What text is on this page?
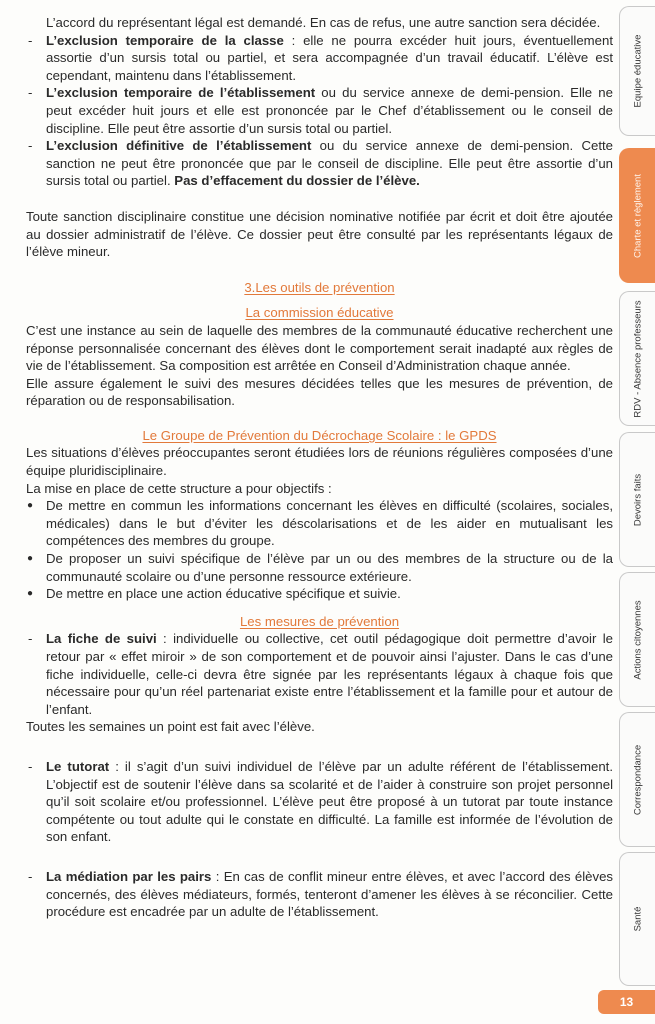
L’accord du représentant légal est demandé. En cas de refus, une autre sanction sera décidée.

- L’exclusion temporaire de la classe : elle ne pourra excéder huit jours, éventuellement assortie d’un sursis total ou partiel, et sera accompagnée d’un travail éducatif. L’élève est cependant, maintenu dans l’établissement.
- L’exclusion temporaire de l’établissement ou du service annexe de demi-pension. Elle ne peut excéder huit jours et elle est prononcée par le Chef d’établissement ou le conseil de discipline. Elle peut être assortie d’un sursis total ou partiel.
- L’exclusion définitive de l’établissement ou du service annexe de demi-pension. Cette sanction ne peut être prononcée que par le conseil de discipline. Elle peut être assortie d’un sursis total ou partiel. Pas d’effacement du dossier de l’élève.

Toute sanction disciplinaire constitue une décision nominative notifiée par écrit et doit être ajoutée au dossier administratif de l’élève. Ce dossier peut être consulté par les représentants légaux de l’élève mineur.

3.Les outils de prévention

La commission éducative

C’est une instance au sein de laquelle des membres de la communauté éducative recherchent une réponse personnalisée concernant des élèves dont le comportement serait inadapté aux règles de vie de l’établissement. Sa composition est arrêtée en Conseil d’Administration chaque année.

Elle assure également le suivi des mesures décidées telles que les mesures de prévention, de réparation ou de responsabilisation.

Le Groupe de Prévention du Décrochage Scolaire : le GPDS

Les situations d’élèves préoccupantes seront étudiées lors de réunions régulières composées d’une équipe pluridisciplinaire.

La mise en place de cette structure a pour objectifs :

● De mettre en commun les informations concernant les élèves en difficulté (scolaires, sociales, médicales) dans le but d’éviter les déscolarisations et de les aider en mutualisant les compétences des membres du groupe.
● De proposer un suivi spécifique de l’élève par un ou des membres de la structure ou de la communauté scolaire ou d’une personne ressource extérieure.
● De mettre en place une action éducative spécifique et suivie.

Les mesures de prévention

- La fiche de suivi : individuelle ou collective, cet outil pédagogique doit permettre d’avoir le retour par « effet miroir » de son comportement et de pouvoir ainsi l’ajuster. Dans le cas d’une fiche individuelle, celle-ci devra être signée par les représentants légaux à chaque fois que nécessaire pour qu’un réel partenariat existe entre l’établissement et la famille pour et autour de l’enfant.

Toutes les semaines un point est fait avec l’élève.

- Le tutorat : il s’agit d’un suivi individuel de l’élève par un adulte référent de l’établissement. L’objectif est de soutenir l’élève dans sa scolarité et de l’aider à construire son projet personnel qu’il soit scolaire et/ou professionnel. L’élève peut être proposé à un tutorat par toute instance compétente ou tout adulte qui le constate en difficulté. La famille est informée de l’évolution de son enfant.
- La médiation par les pairs : En cas de conflit mineur entre élèves, et avec l’accord des élèves concernés, des élèves médiateurs, formés, tenteront d’amener les élèves à se réconcilier. Cette procédure est encadrée par un adulte de l’établissement.
Equipe éducative
Charte et règlement
RDV - Absence professeurs
Devoirs faits
Actions citoyennes
Correspondance
Santé
13
